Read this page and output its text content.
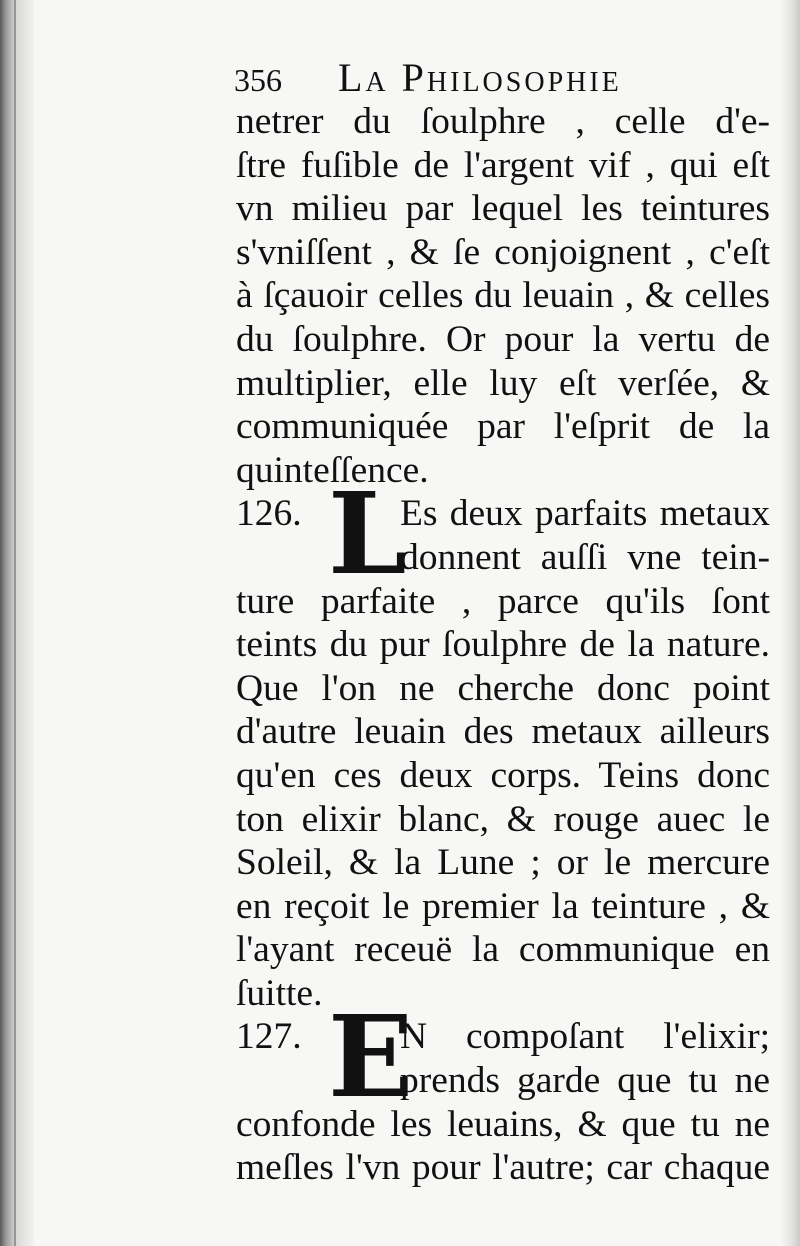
356 La Philosophie
netrer du ſoulphre , celle d'e-
ſtre fuſible de l'argent vif , qui eſt
vn milieu par lequel les teintures
s'vniſſent , & ſe conjoignent , c'eſt
à ſçauoir celles du leuain , & celles
du ſoulphre. Or pour la vertu de
multiplier, elle luy eſt verſée, &
communiquée par l'eſprit de la
quinteſſence.
126. L
Es deux parfaits metaux
donnent auſſi vne tein-
ture parfaite , parce qu'ils ſont
teints du pur ſoulphre de la nature.
Que l'on ne cherche donc point
d'autre leuain des metaux ailleurs
qu'en ces deux corps. Teins donc
ton elixir blanc, & rouge auec le
Soleil, & la Lune ; or le mercure
en reçoit le premier la teinture , &
l'ayant receuë la communique en
ſuitte.
127. E
N compoſant l'elixir;
prends garde que tu ne
confonde les leuains, & que tu ne
meſles l'vn pour l'autre; car chaque
